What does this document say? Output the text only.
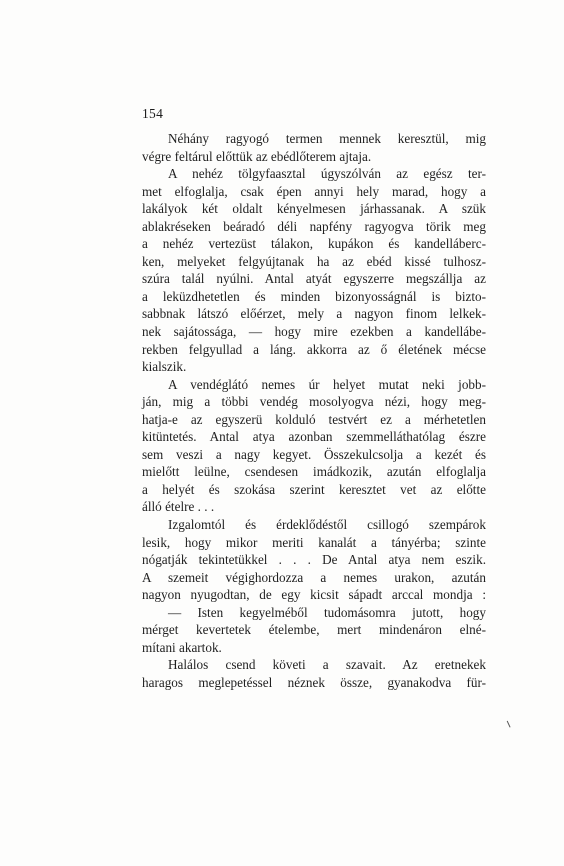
154
Néhány ragyogó termen mennek keresztül, mig
végre feltárul előttük az ebédlőterem ajtaja.
A nehéz tölgyfaasztal úgyszólván az egész ter-
met elfoglalja, csak épen annyi hely marad, hogy a
lakályok két oldalt kényelmesen járhassanak. A szük
ablakréseken beáradó déli napfény ragyogva törik meg
a nehéz vertezüst tálakon, kupákon és kandelláberc-
ken, melyeket felgyújtanak ha az ebéd kissé tulhosz-
szúra talál nyúlni. Antal atyát egyszerre megszállja az
a leküzdhetetlen és minden bizonyosságnál is bizto-
sabbnak látszó előérzet, mely a nagyon finom lelkek-
nek sajátossága, — hogy mire ezekben a kandellábe-
rekben felgyullad a láng. akkorra az ő életének mécse
kialszik.
A vendéglátó nemes úr helyet mutat neki jobb-
ján, mig a többi vendég mosolyogva nézi, hogy meg-
hatja-e az egyszerü kolduló testvért ez a mérhetetlen
kitüntetés. Antal atya azonban szemmelláthatólag észre
sem veszi a nagy kegyet. Összekulcsolja a kezét és
mielőtt leülne, csendesen imádkozik, azután elfoglalja
a helyét és szokása szerint keresztet vet az előtte
álló ételre . . .
Izgalomtól és érdeklődéstől csillogó szempárok
lesik, hogy mikor meriti kanalát a tányérba; szinte
nógatják tekintetükkel . . . De Antal atya nem eszik.
A szemeit végighordozza a nemes urakon, azután
nagyon nyugodtan, de egy kicsit sápadt arccal mondja :
— Isten kegyelméből tudomásomra jutott, hogy
mérget kevertetek ételembe, mert mindenáron elné-
mítani akartok.
Halálos csend követi a szavait. Az eretnekek
haragos meglepetéssel néznek össze, gyanakodva für-
